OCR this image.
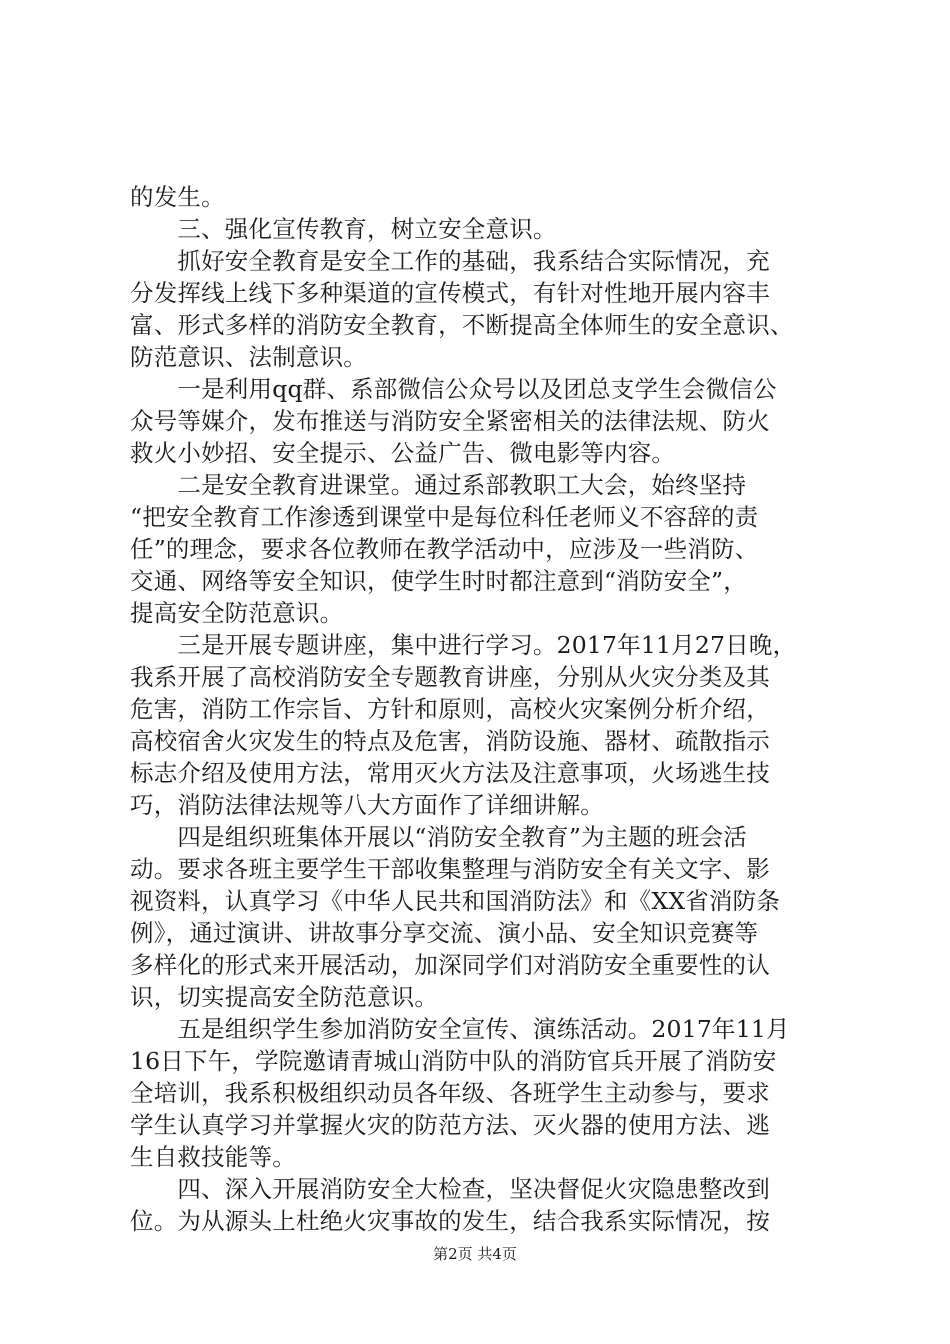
的发生。
　　三、强化宣传教育，树立安全意识。
　　抓好安全教育是安全工作的基础，我系结合实际情况，充
分发挥线上线下多种渠道的宣传模式，有针对性地开展内容丰
富、形式多样的消防安全教育，不断提高全体师生的安全意识、
防范意识、法制意识。
　　一是利用qq群、系部微信公众号以及团总支学生会微信公
众号等媒介，发布推送与消防安全紧密相关的法律法规、防火
救火小妙招、安全提示、公益广告、微电影等内容。
　　二是安全教育进课堂。通过系部教职工大会，始终坚持
“把安全教育工作渗透到课堂中是每位科任老师义不容辞的责
任”的理念，要求各位教师在教学活动中，应涉及一些消防、
交通、网络等安全知识，使学生时时都注意到“消防安全”，
提高安全防范意识。
　　三是开展专题讲座，集中进行学习。2017年11月27日晚，
我系开展了高校消防安全专题教育讲座，分别从火灾分类及其
危害，消防工作宗旨、方针和原则，高校火灾案例分析介绍，
高校宿舍火灾发生的特点及危害，消防设施、器材、疏散指示
标志介绍及使用方法，常用灭火方法及注意事项，火场逃生技
巧，消防法律法规等八大方面作了详细讲解。
　　四是组织班集体开展以“消防安全教育”为主题的班会活
动。要求各班主要学生干部收集整理与消防安全有关文字、影
视资料，认真学习《中华人民共和国消防法》和《XX省消防条
例》，通过演讲、讲故事分享交流、演小品、安全知识竞赛等
多样化的形式来开展活动，加深同学们对消防安全重要性的认
识，切实提高安全防范意识。
　　五是组织学生参加消防安全宣传、演练活动。2017年11月
16日下午，学院邀请青城山消防中队的消防官兵开展了消防安
全培训，我系积极组织动员各年级、各班学生主动参与，要求
学生认真学习并掌握火灾的防范方法、灭火器的使用方法、逃
生自救技能等。
　　四、深入开展消防安全大检查，坚决督促火灾隐患整改到
位。为从源头上杜绝火灾事故的发生，结合我系实际情况，按
第2页 共4页
